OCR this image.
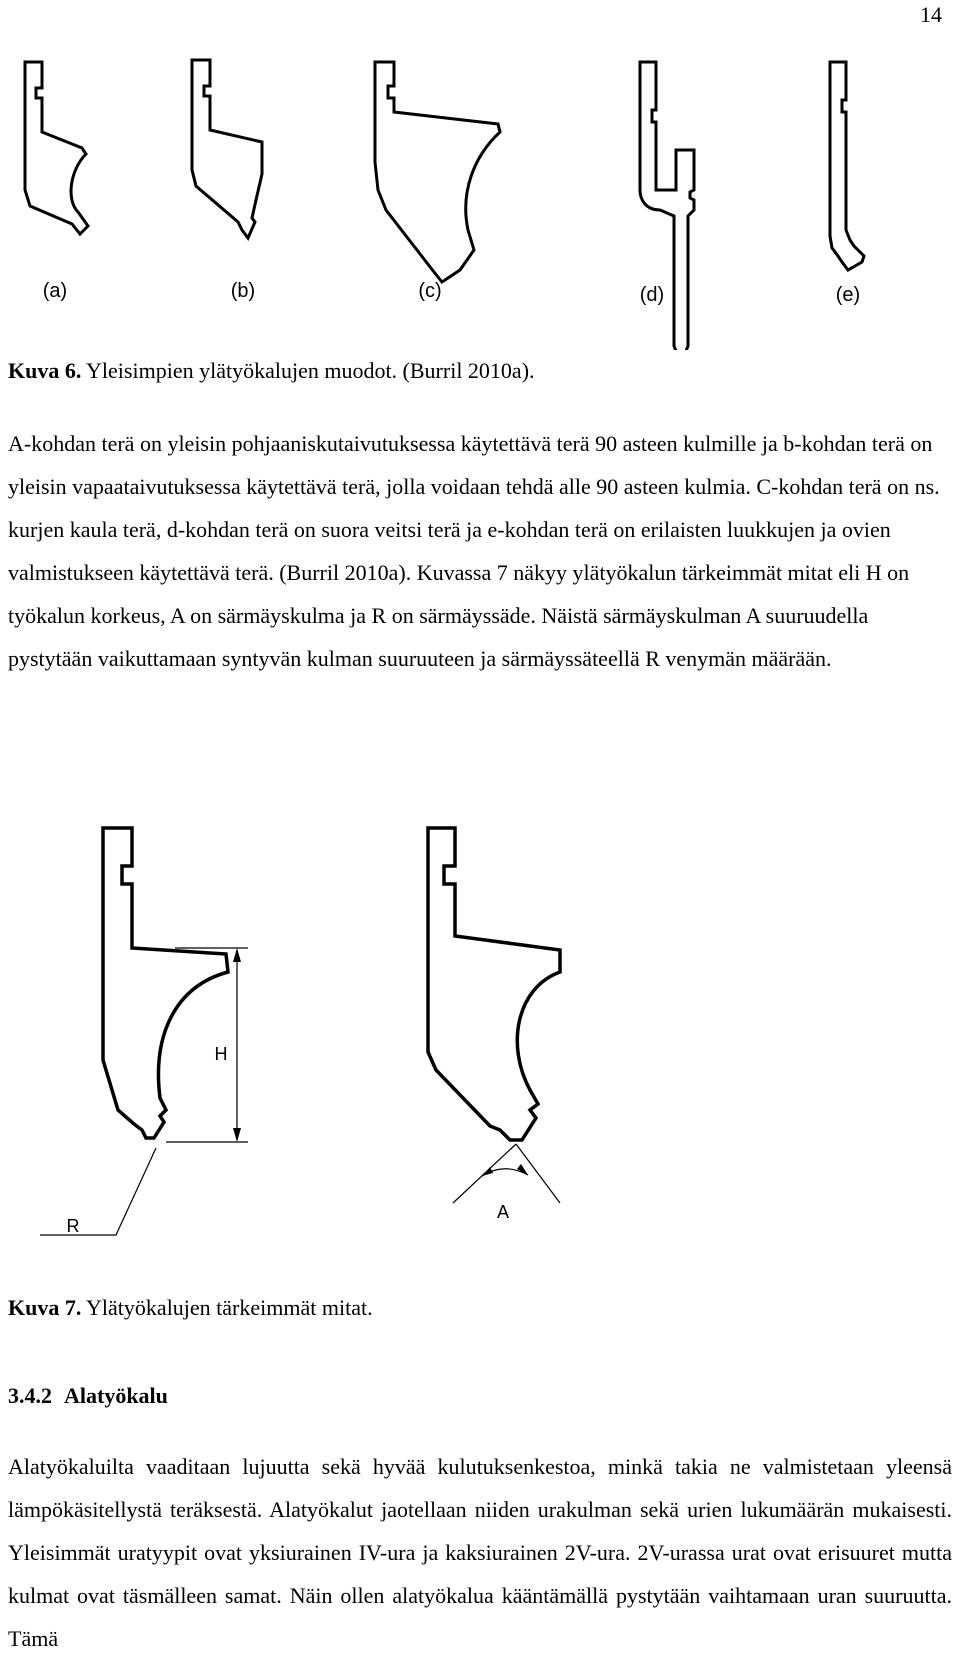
14
(a)	(b)	(c)	(d)	(e)
Kuva 6. Yleisimpien ylätyökalujen muodot. (Burril 2010a).

A-kohdan terä on yleisin pohjaaniskutaivutuksessa käytettävä terä 90 asteen kulmille ja b-kohdan terä on yleisin vapaataivutuksessa käytettävä terä, jolla voidaan tehdä alle 90 asteen kulmia. C-kohdan terä on ns. kurjen kaula terä, d-kohdan terä on suora veitsi terä ja e-kohdan terä on erilaisten luukkujen ja ovien valmistukseen käytettävä terä. (Burril 2010a). Kuvassa 7 näkyy ylätyökalun tärkeimmät mitat eli H on työkalun korkeus, A on särmäyskulma ja R on särmäyssäde. Näistä särmäyskulman A suuruudella pystytään vaikuttamaan syntyvän kulman suuruuteen ja särmäyssäteellä R venymän määrään.

H
R
A
Kuva 7. Ylätyökalujen tärkeimmät mitat.
3.4.2 Alatyökalu

Alatyökaluilta vaaditaan lujuutta sekä hyvää kulutuksenkestoa, minkä takia ne valmistetaan yleensä lämpökäsitellystä teräksestä. Alatyökalut jaotellaan niiden urakulman sekä urien lukumäärän mukaisesti. Yleisimmät uratyypit ovat yksiurainen IV-ura ja kaksiurainen 2V-ura. 2V-urassa urat ovat erisuuret mutta kulmat ovat täsmälleen samat. Näin ollen alatyökalua kääntämällä pystytään vaihtamaan uran suuruutta. Tämä
